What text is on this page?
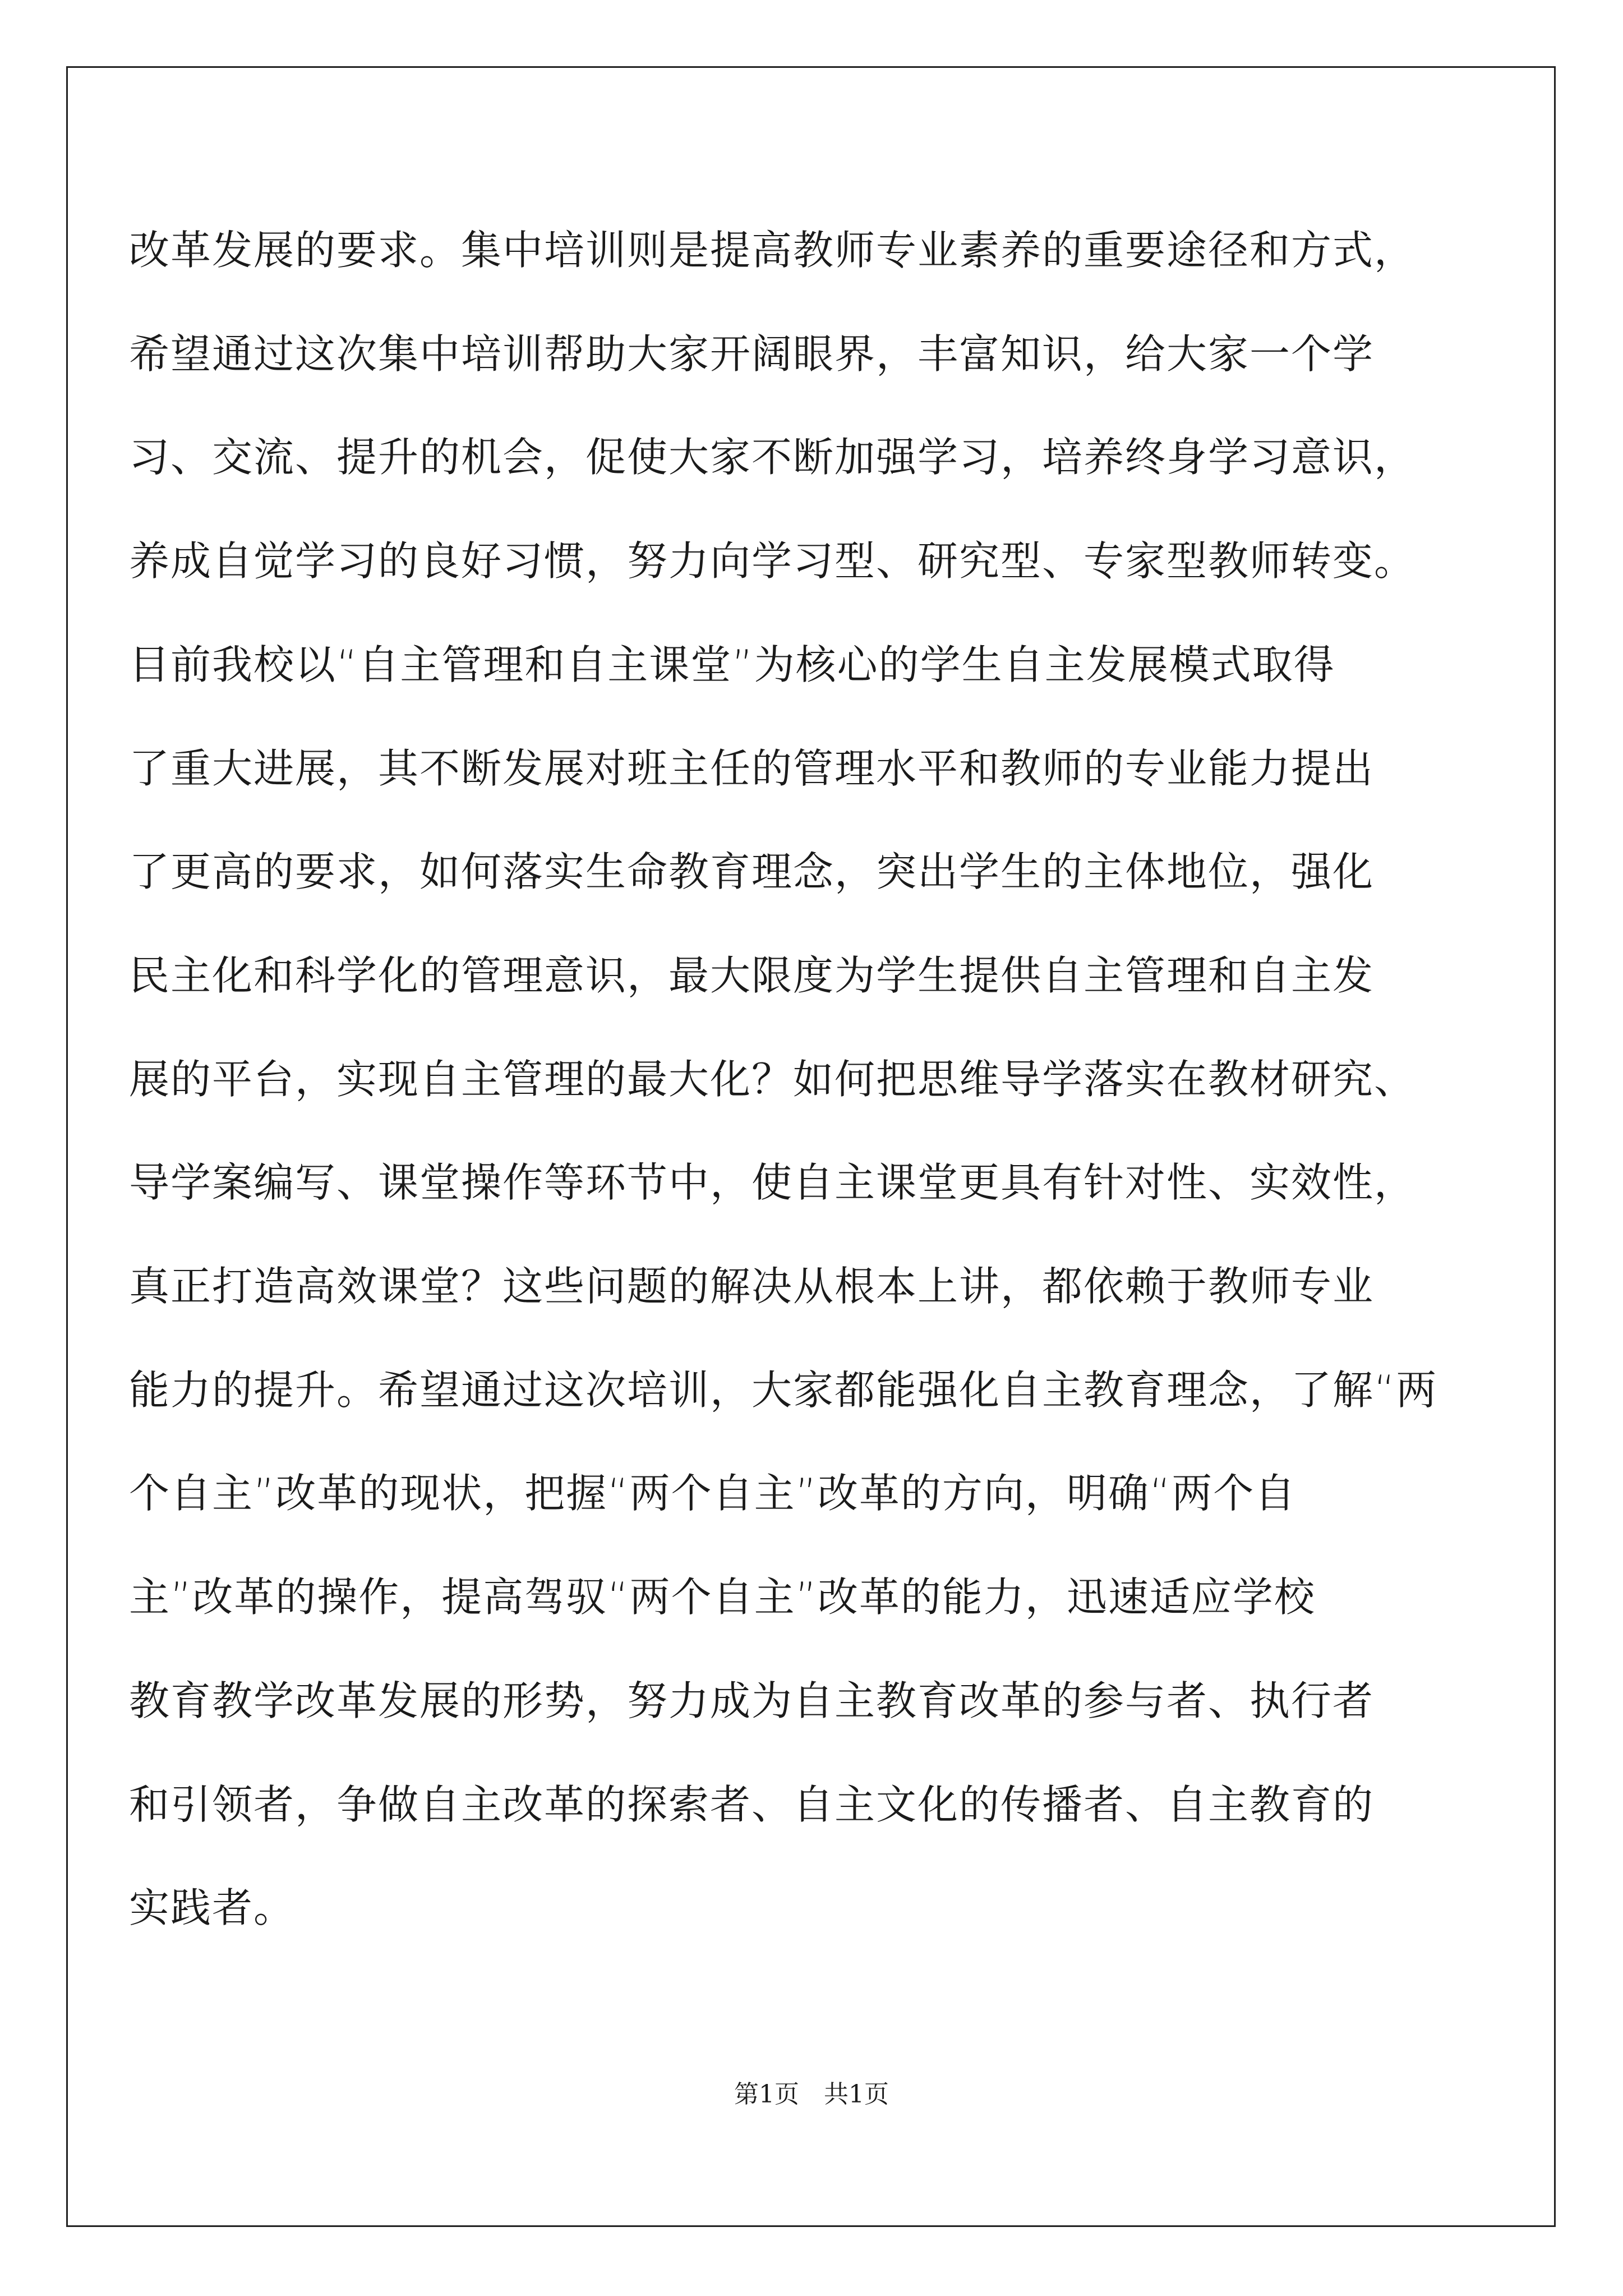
改革发展的要求。集中培训则是提高教师专业素养的重要途径和方式，
希望通过这次集中培训帮助大家开阔眼界，丰富知识，给大家一个学
习、交流、提升的机会，促使大家不断加强学习，培养终身学习意识，
养成自觉学习的良好习惯，努力向学习型、研究型、专家型教师转变。
目前我校以“自主管理和自主课堂”为核心的学生自主发展模式取得
了重大进展，其不断发展对班主任的管理水平和教师的专业能力提出
了更高的要求，如何落实生命教育理念，突出学生的主体地位，强化
民主化和科学化的管理意识，最大限度为学生提供自主管理和自主发
展的平台，实现自主管理的最大化？如何把思维导学落实在教材研究、
导学案编写、课堂操作等环节中，使自主课堂更具有针对性、实效性，
真正打造高效课堂？这些问题的解决从根本上讲，都依赖于教师专业
能力的提升。希望通过这次培训，大家都能强化自主教育理念，了解“两
个自主”改革的现状，把握“两个自主”改革的方向，明确“两个自
主”改革的操作，提高驾驭“两个自主”改革的能力，迅速适应学校
教育教学改革发展的形势，努力成为自主教育改革的参与者、执行者
和引领者，争做自主改革的探索者、自主文化的传播者、自主教育的
实践者。
第1页 共1页
